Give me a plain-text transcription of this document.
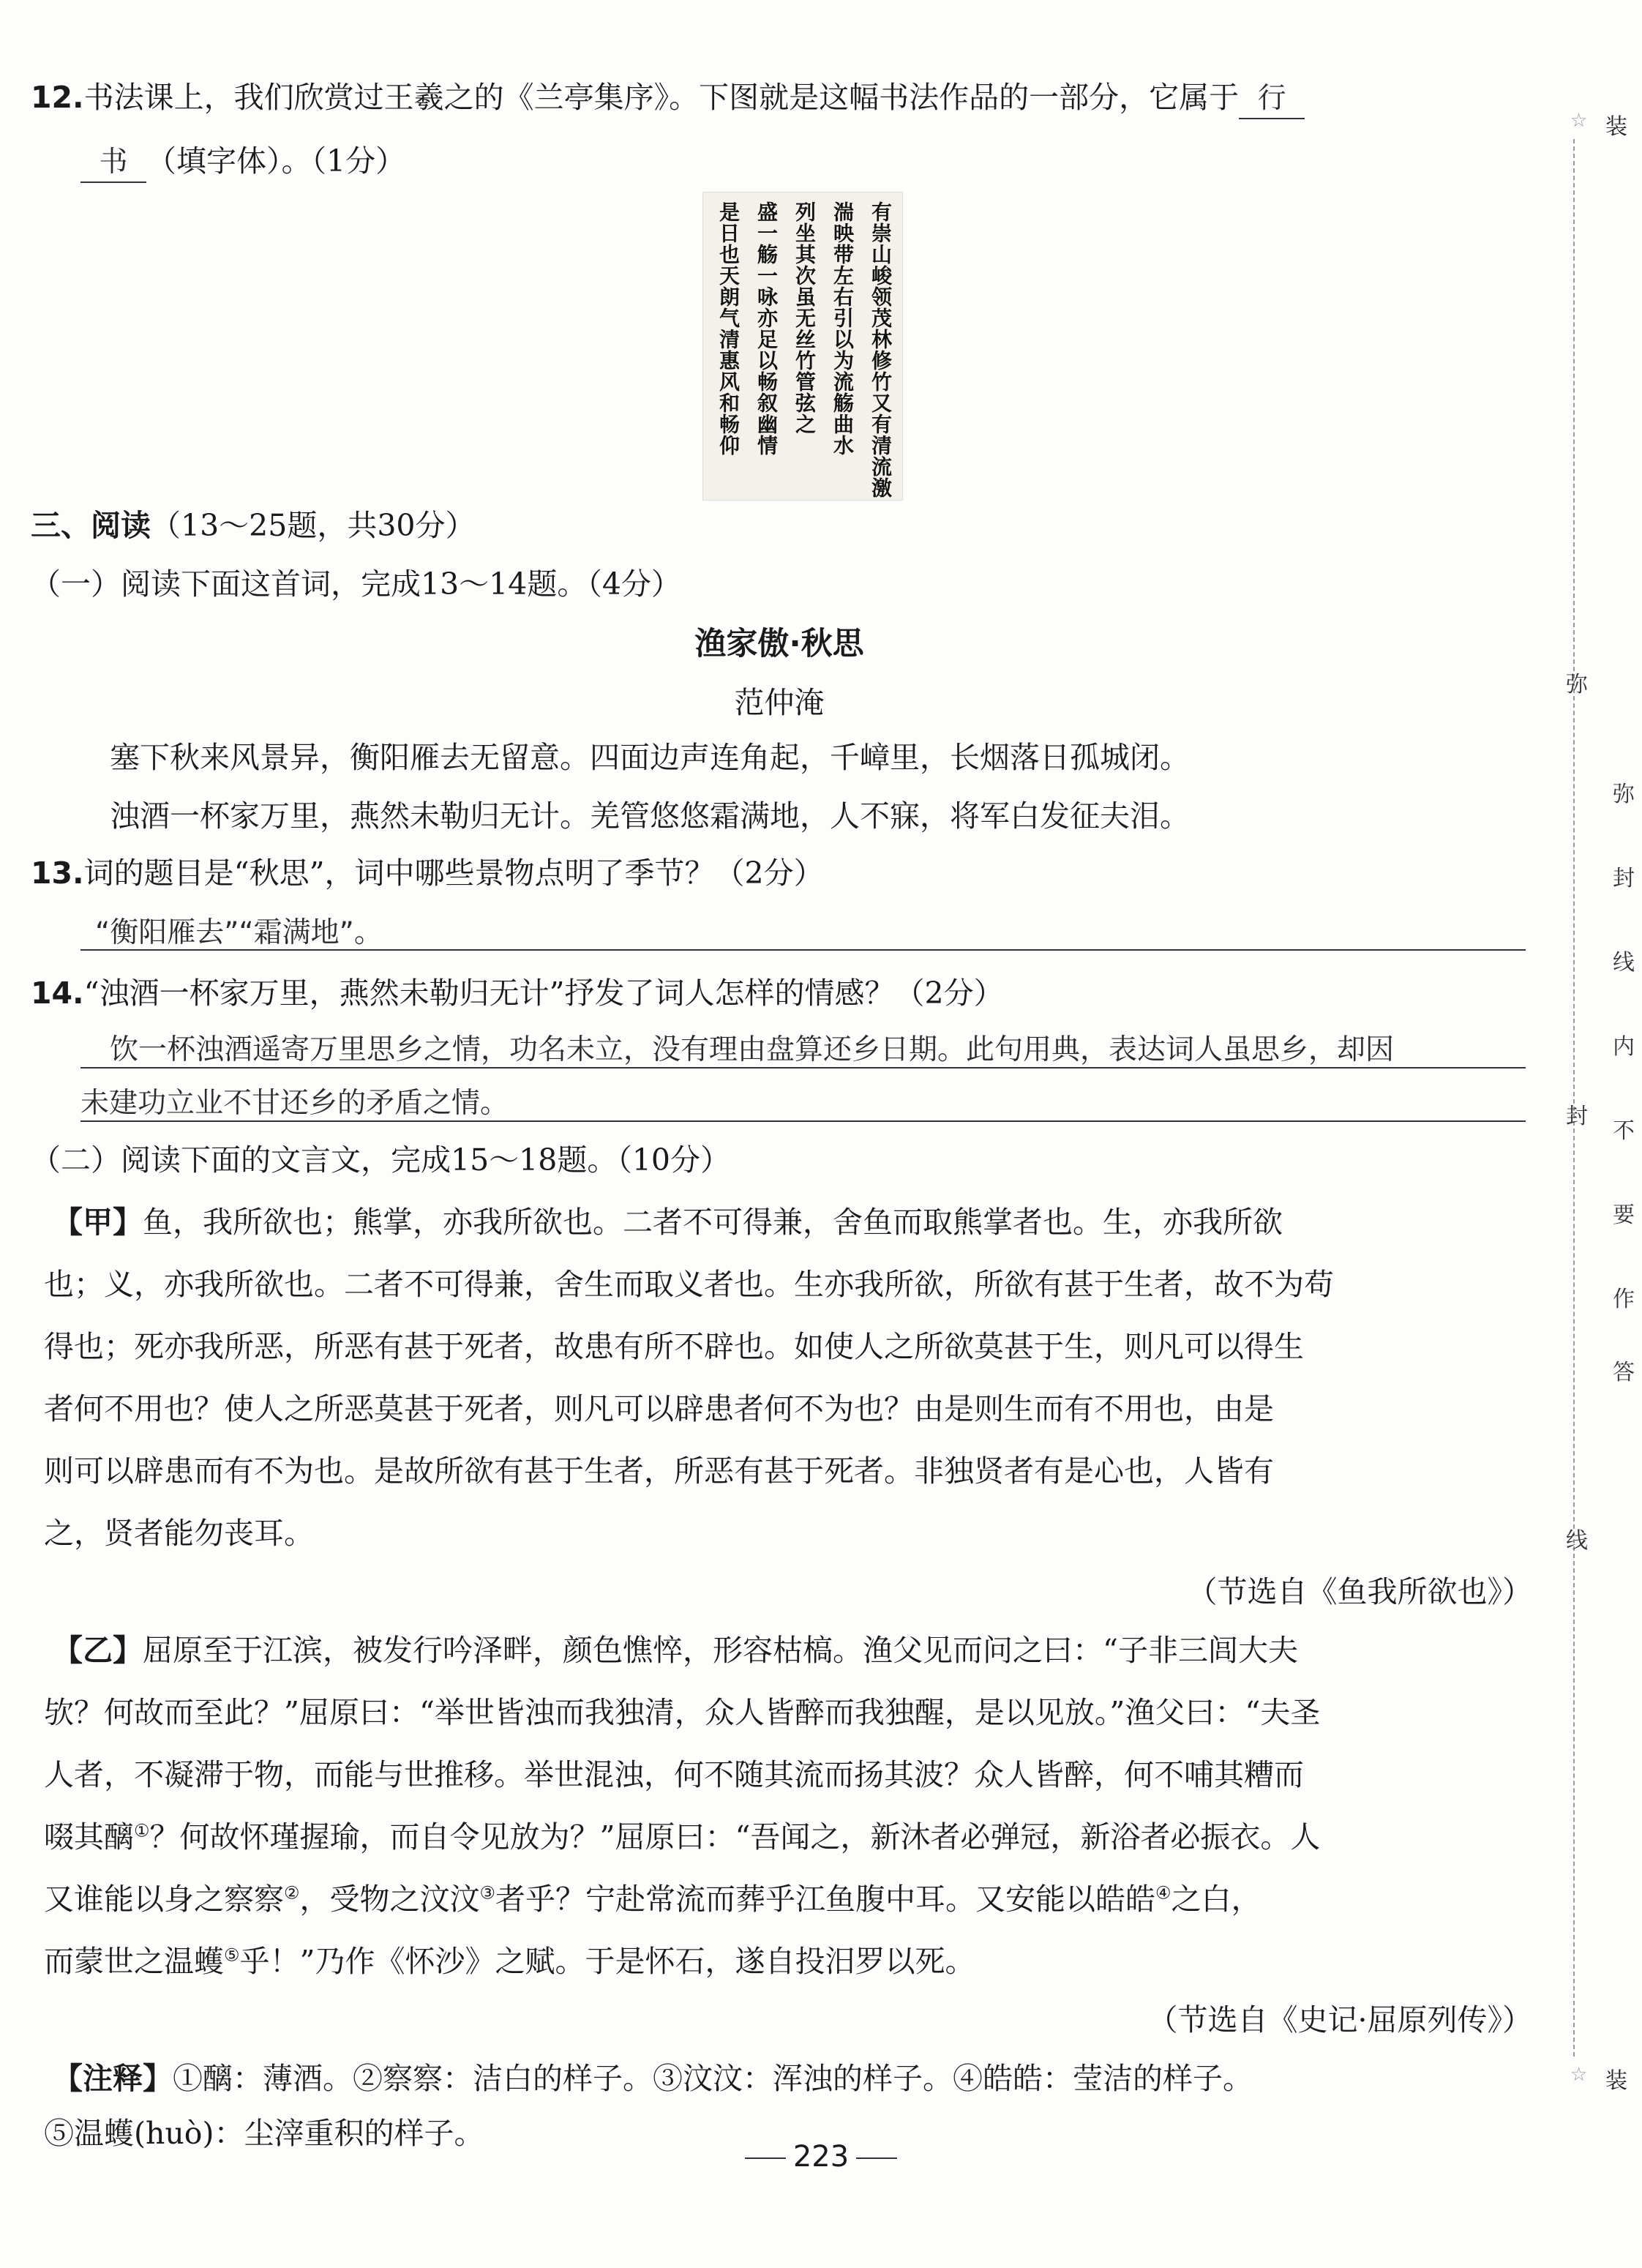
12.书法课上，我们欣赏过王羲之的《兰亭集序》。下图就是这幅书法作品的一部分，它属于 行
书 （填字体）。（1分）
有崇山峻领茂林修竹又有清流激
湍映带左右引以为流觞曲水
列坐其次虽无丝竹管弦之
盛一觞一咏亦足以畅叙幽情
是日也天朗气清惠风和畅仰
三、阅读（13～25题，共30分）
（一）阅读下面这首词，完成13～14题。（4分）
渔家傲·秋思
范仲淹
塞下秋来风景异，衡阳雁去无留意。四面边声连角起，千嶂里，长烟落日孤城闭。
浊酒一杯家万里，燕然未勒归无计。羌管悠悠霜满地，人不寐，将军白发征夫泪。
13.词的题目是“秋思”，词中哪些景物点明了季节？（2分）
“衡阳雁去”“霜满地”。
14.“浊酒一杯家万里，燕然未勒归无计”抒发了词人怎样的情感？（2分）
饮一杯浊酒遥寄万里思乡之情，功名未立，没有理由盘算还乡日期。此句用典，表达词人虽思乡，却因
未建功立业不甘还乡的矛盾之情。
（二）阅读下面的文言文，完成15～18题。（10分）
【甲】鱼，我所欲也；熊掌，亦我所欲也。二者不可得兼，舍鱼而取熊掌者也。生，亦我所欲
也；义，亦我所欲也。二者不可得兼，舍生而取义者也。生亦我所欲，所欲有甚于生者，故不为苟
得也；死亦我所恶，所恶有甚于死者，故患有所不辟也。如使人之所欲莫甚于生，则凡可以得生
者何不用也？使人之所恶莫甚于死者，则凡可以辟患者何不为也？由是则生而有不用也，由是
则可以辟患而有不为也。是故所欲有甚于生者，所恶有甚于死者。非独贤者有是心也，人皆有
之，贤者能勿丧耳。
（节选自《鱼我所欲也》）
【乙】屈原至于江滨，被发行吟泽畔，颜色憔悴，形容枯槁。渔父见而问之曰：“子非三闾大夫
欤？何故而至此？”屈原曰：“举世皆浊而我独清，众人皆醉而我独醒，是以见放。”渔父曰：“夫圣
人者，不凝滞于物，而能与世推移。举世混浊，何不随其流而扬其波？众人皆醉，何不哺其糟而
啜其醨①？何故怀瑾握瑜，而自令见放为？”屈原曰：“吾闻之，新沐者必弹冠，新浴者必振衣。人
又谁能以身之察察②，受物之汶汶③者乎？宁赴常流而葬乎江鱼腹中耳。又安能以皓皓④之白，
而蒙世之温蠖⑤乎！”乃作《怀沙》之赋。于是怀石，遂自投汨罗以死。
（节选自《史记·屈原列传》）
【注释】①醨：薄酒。②察察：洁白的样子。③汶汶：浑浊的样子。④皓皓：莹洁的样子。
⑤温蠖(huò)：尘滓重积的样子。
223
☆ 装
☆ 装
弥
封
线
弥
封
线
内
不
要
作
答
